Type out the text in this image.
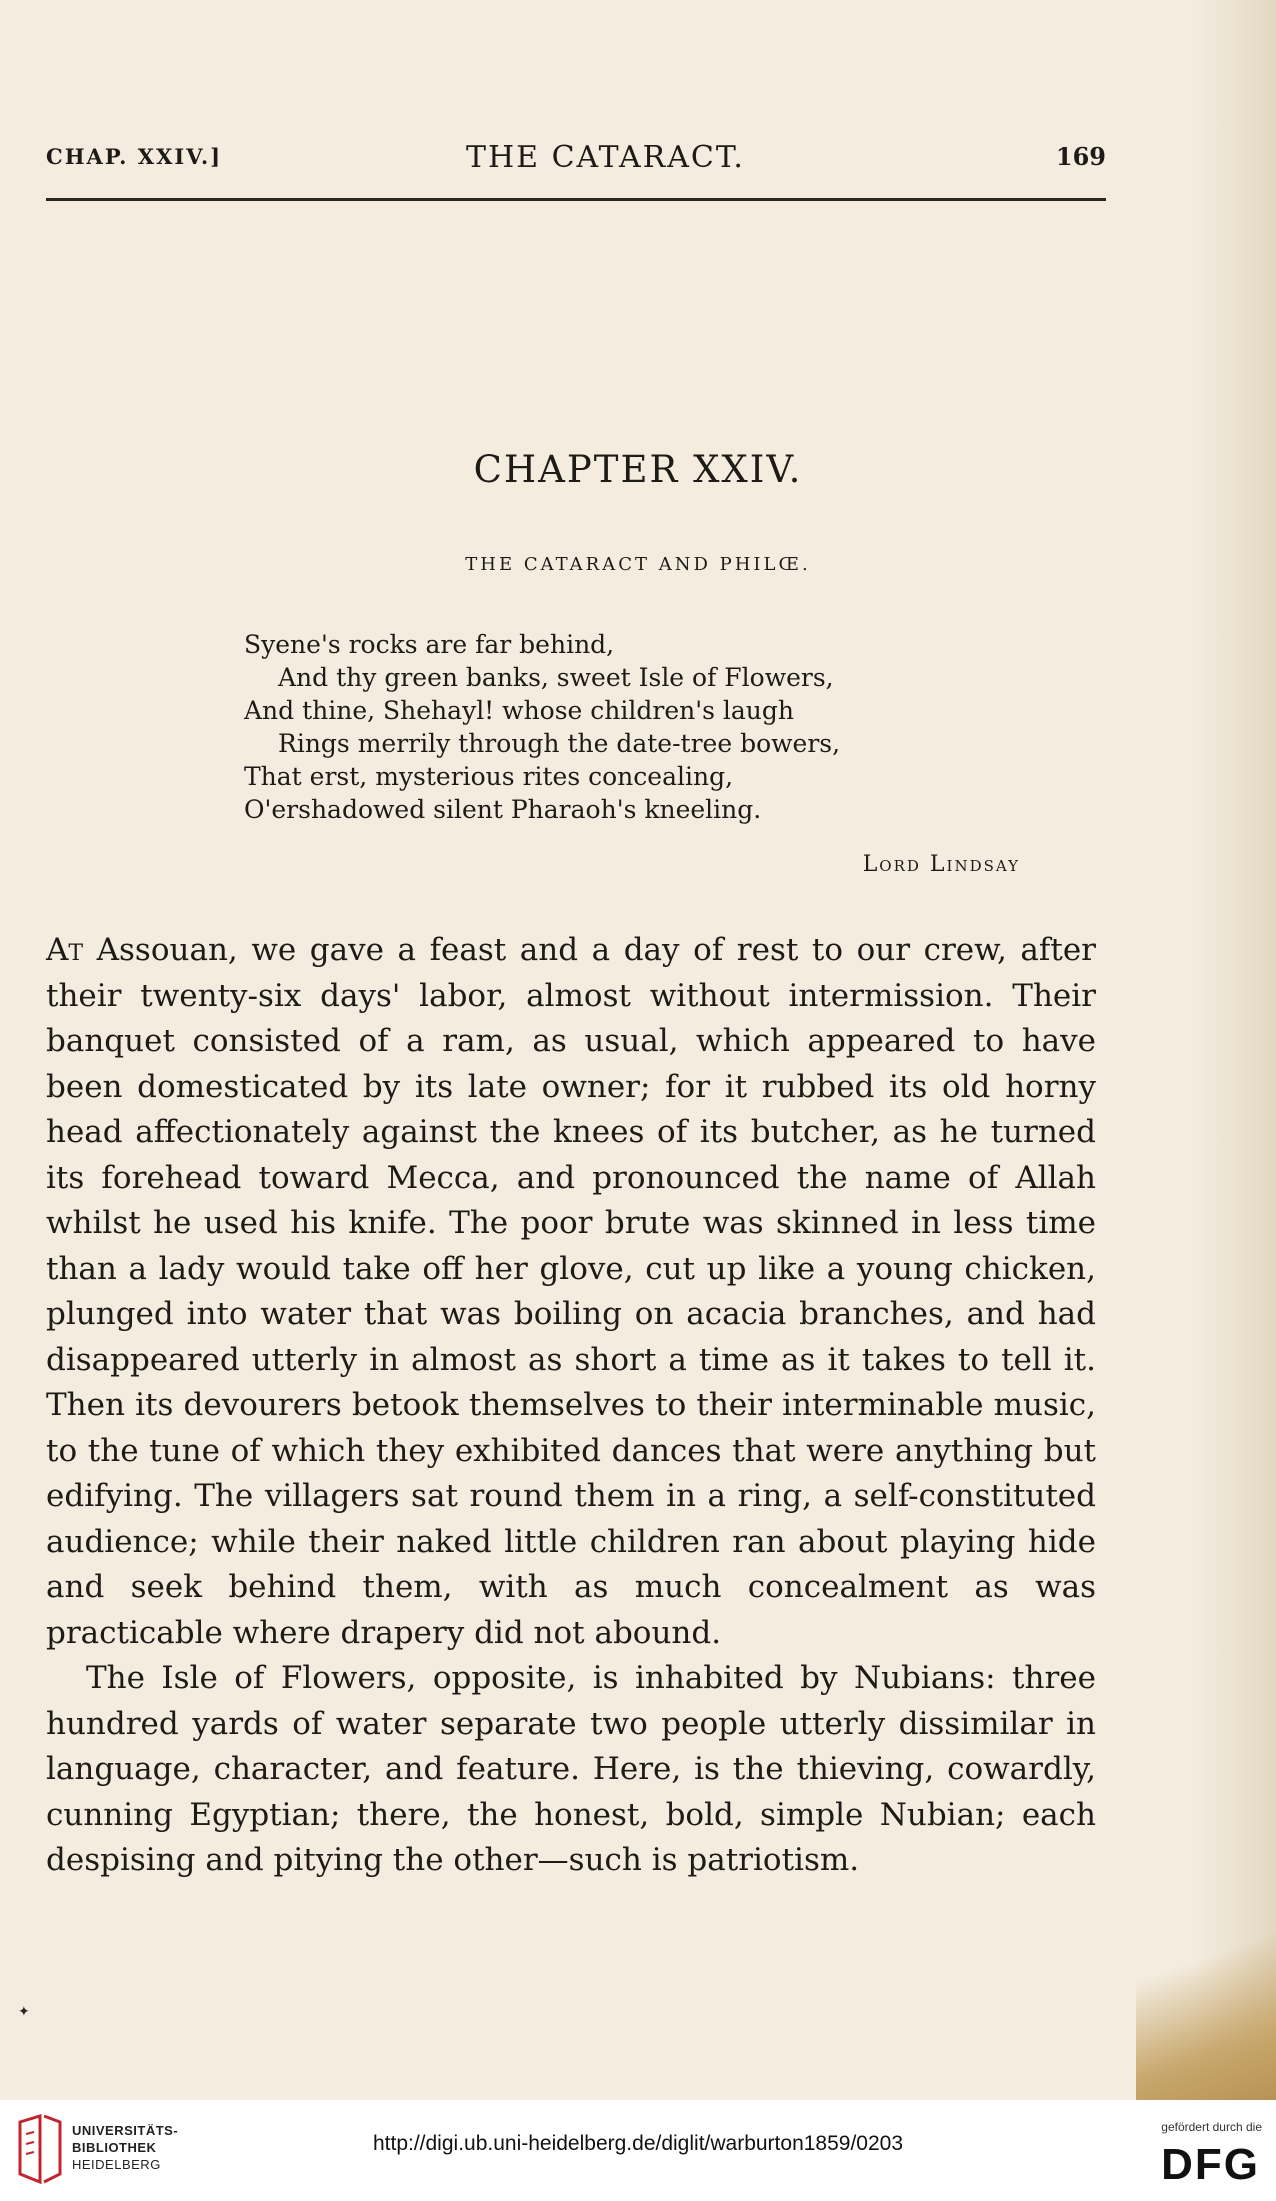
CHAP. XXIV.]	THE CATARACT.	169
CHAPTER XXIV.
THE CATARACT AND PHILŒ.
Syene's rocks are far behind,
And thy green banks, sweet Isle of Flowers,
And thine, Shehayl! whose children's laugh
Rings merrily through the date-tree bowers,
That erst, mysterious rites concealing,
O'ershadowed silent Pharaoh's kneeling.
Lord Lindsay

At Assouan, we gave a feast and a day of rest to our crew, after their twenty-six days' labor, almost without intermission. Their banquet consisted of a ram, as usual, which appeared to have been domesticated by its late owner; for it rubbed its old horny head affectionately against the knees of its butcher, as he turned its forehead toward Mecca, and pronounced the name of Allah whilst he used his knife. The poor brute was skinned in less time than a lady would take off her glove, cut up like a young chicken, plunged into water that was boiling on acacia branches, and had disappeared utterly in almost as short a time as it takes to tell it. Then its devourers betook themselves to their interminable music, to the tune of which they exhibited dances that were anything but edifying. The villagers sat round them in a ring, a self-constituted audience; while their naked little children ran about playing hide and seek behind them, with as much concealment as was practicable where drapery did not abound.

The Isle of Flowers, opposite, is inhabited by Nubians: three hundred yards of water separate two people utterly dissimilar in language, character, and feature. Here, is the thieving, cowardly, cunning Egyptian; there, the honest, bold, simple Nubian; each despising and pitying the other—such is patriotism.

✦
UNIVERSITÄTS-
BIBLIOTHEK
HEIDELBERG
http://digi.ub.uni-heidelberg.de/diglit/warburton1859/0203
gefördert durch die
DFG
